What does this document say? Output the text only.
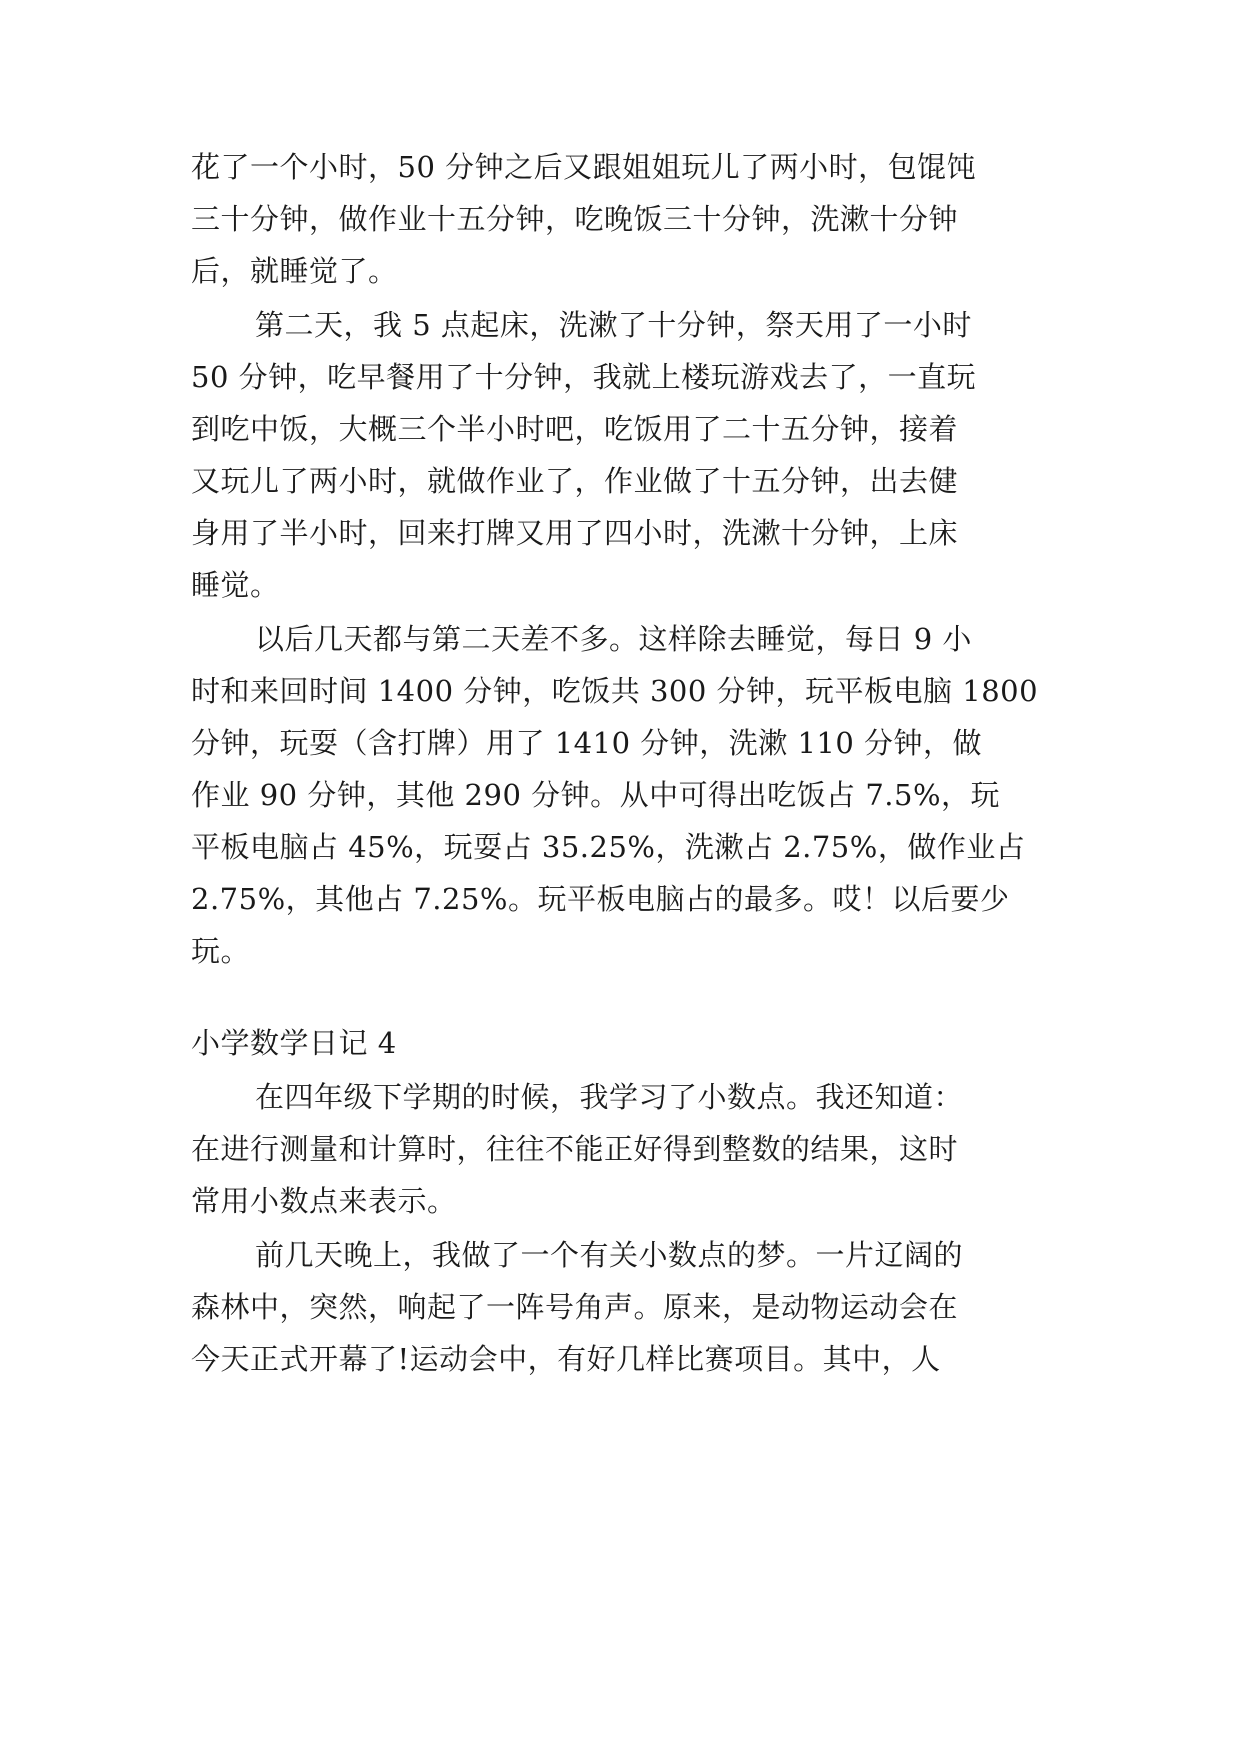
花了一个小时，50 分钟之后又跟姐姐玩儿了两小时，包馄饨
三十分钟，做作业十五分钟，吃晚饭三十分钟，洗漱十分钟
后，就睡觉了。
第二天，我 5 点起床，洗漱了十分钟，祭天用了一小时
50 分钟，吃早餐用了十分钟，我就上楼玩游戏去了，一直玩
到吃中饭，大概三个半小时吧，吃饭用了二十五分钟，接着
又玩儿了两小时，就做作业了，作业做了十五分钟，出去健
身用了半小时，回来打牌又用了四小时，洗漱十分钟，上床
睡觉。
以后几天都与第二天差不多。这样除去睡觉，每日 9 小
时和来回时间 1400 分钟，吃饭共 300 分钟，玩平板电脑 1800
分钟，玩耍（含打牌）用了 1410 分钟，洗漱 110 分钟，做
作业 90 分钟，其他 290 分钟。从中可得出吃饭占 7.5%，玩
平板电脑占 45%，玩耍占 35.25%，洗漱占 2.75%，做作业占
2.75%，其他占 7.25%。玩平板电脑占的最多。哎！以后要少
玩。
小学数学日记 4
在四年级下学期的时候，我学习了小数点。我还知道：
在进行测量和计算时，往往不能正好得到整数的结果，这时
常用小数点来表示。
前几天晚上，我做了一个有关小数点的梦。一片辽阔的
森林中，突然，响起了一阵号角声。原来，是动物运动会在
今天正式开幕了!运动会中，有好几样比赛项目。其中，人
